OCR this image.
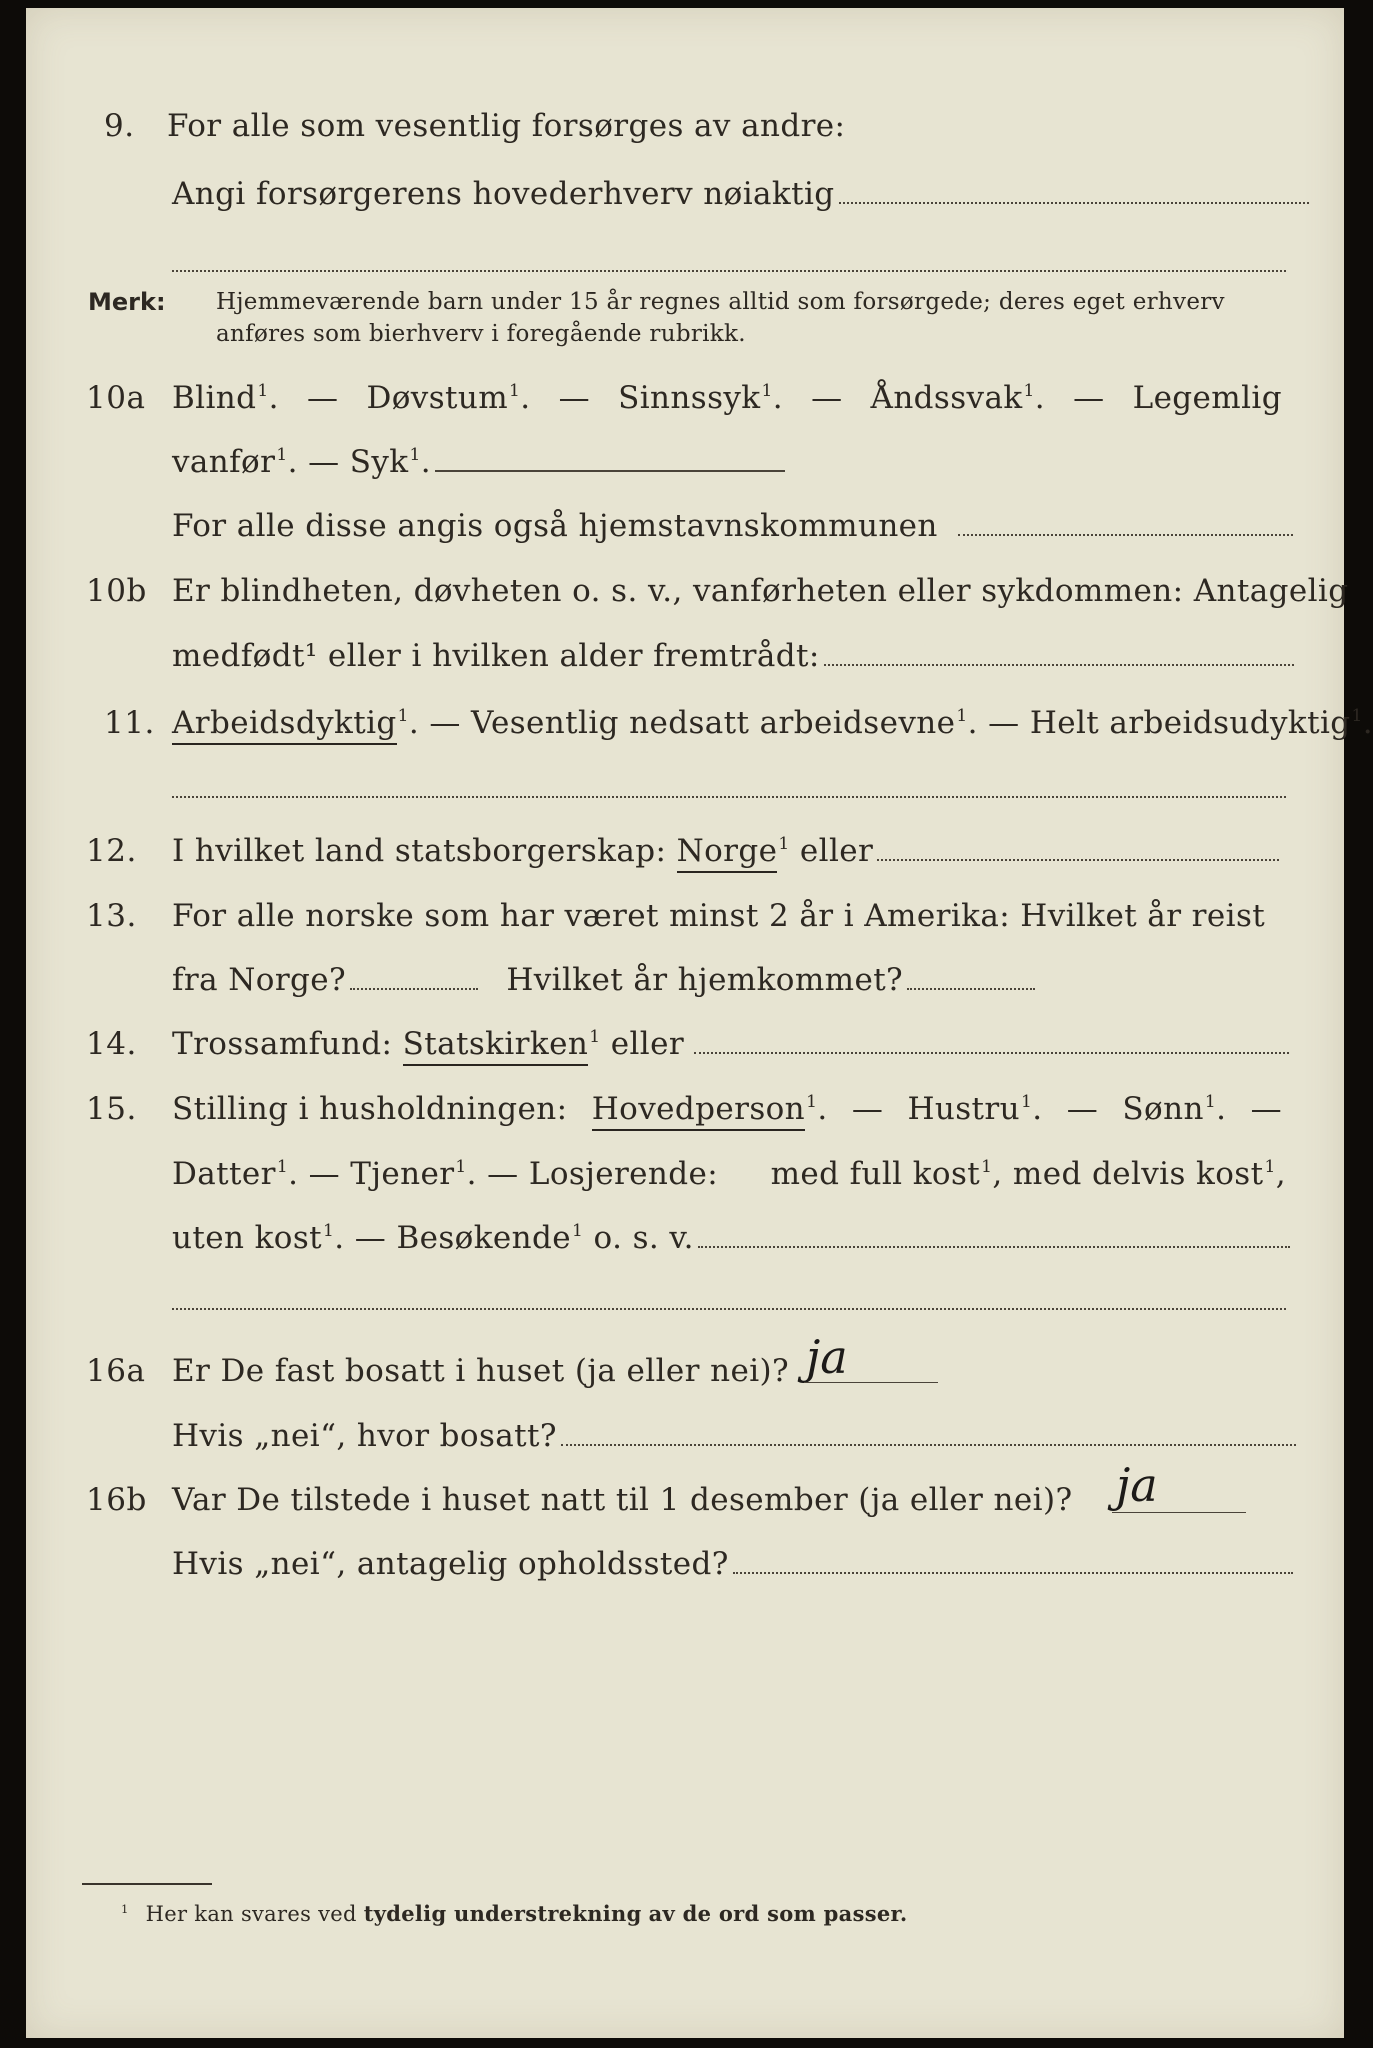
9. For alle som vesentlig forsørges av andre:
Angi forsørgerens hovederhverv nøiaktig
Merk: Hjemmeværende barn under 15 år regnes alltid som forsørgede; deres eget erhverv
anføres som bierhverv i foregående rubrikk.
10a Blind$^1$. — Døvstum$^1$. — Sinnssyk$^1$. — Åndssvak$^1$. — Legemlig
vanfør$^1$. — Syk$^1$.
For alle disse angis også hjemstavnskommunen
10b Er blindheten, døvheten o. s. v., vanførheten eller sykdommen: Antagelig
medfødt¹ eller i hvilken alder fremtrådt:
11. Arbeidsdyktig$^1$. — Vesentlig nedsatt arbeidsevne$^1$. — Helt arbeidsudyktig$^1$.
12. I hvilket land statsborgerskap: Norge$^1$ eller
13. For alle norske som har været minst 2 år i Amerika: Hvilket år reist
fra Norge?	Hvilket år hjemkommet?
14. Trossamfund: Statskirken$^1$ eller
15. Stilling i husholdningen: Hovedperson$^1$. — Hustru$^1$. — Sønn$^1$. —
Datter$^1$. — Tjener$^1$. — Losjerende: med full kost$^1$, med delvis kost$^1$,
uten kost$^1$. — Besøkende$^1$ o. s. v.
16a Er De fast bosatt i huset (ja eller nei)? ja
Hvis „nei“, hvor bosatt?
16b Var De tilstede i huset natt til 1 desember (ja eller nei)? ja
Hvis „nei“, antagelig opholdssted?
$^1$ Her kan svares ved tydelig understrekning av de ord som passer.
